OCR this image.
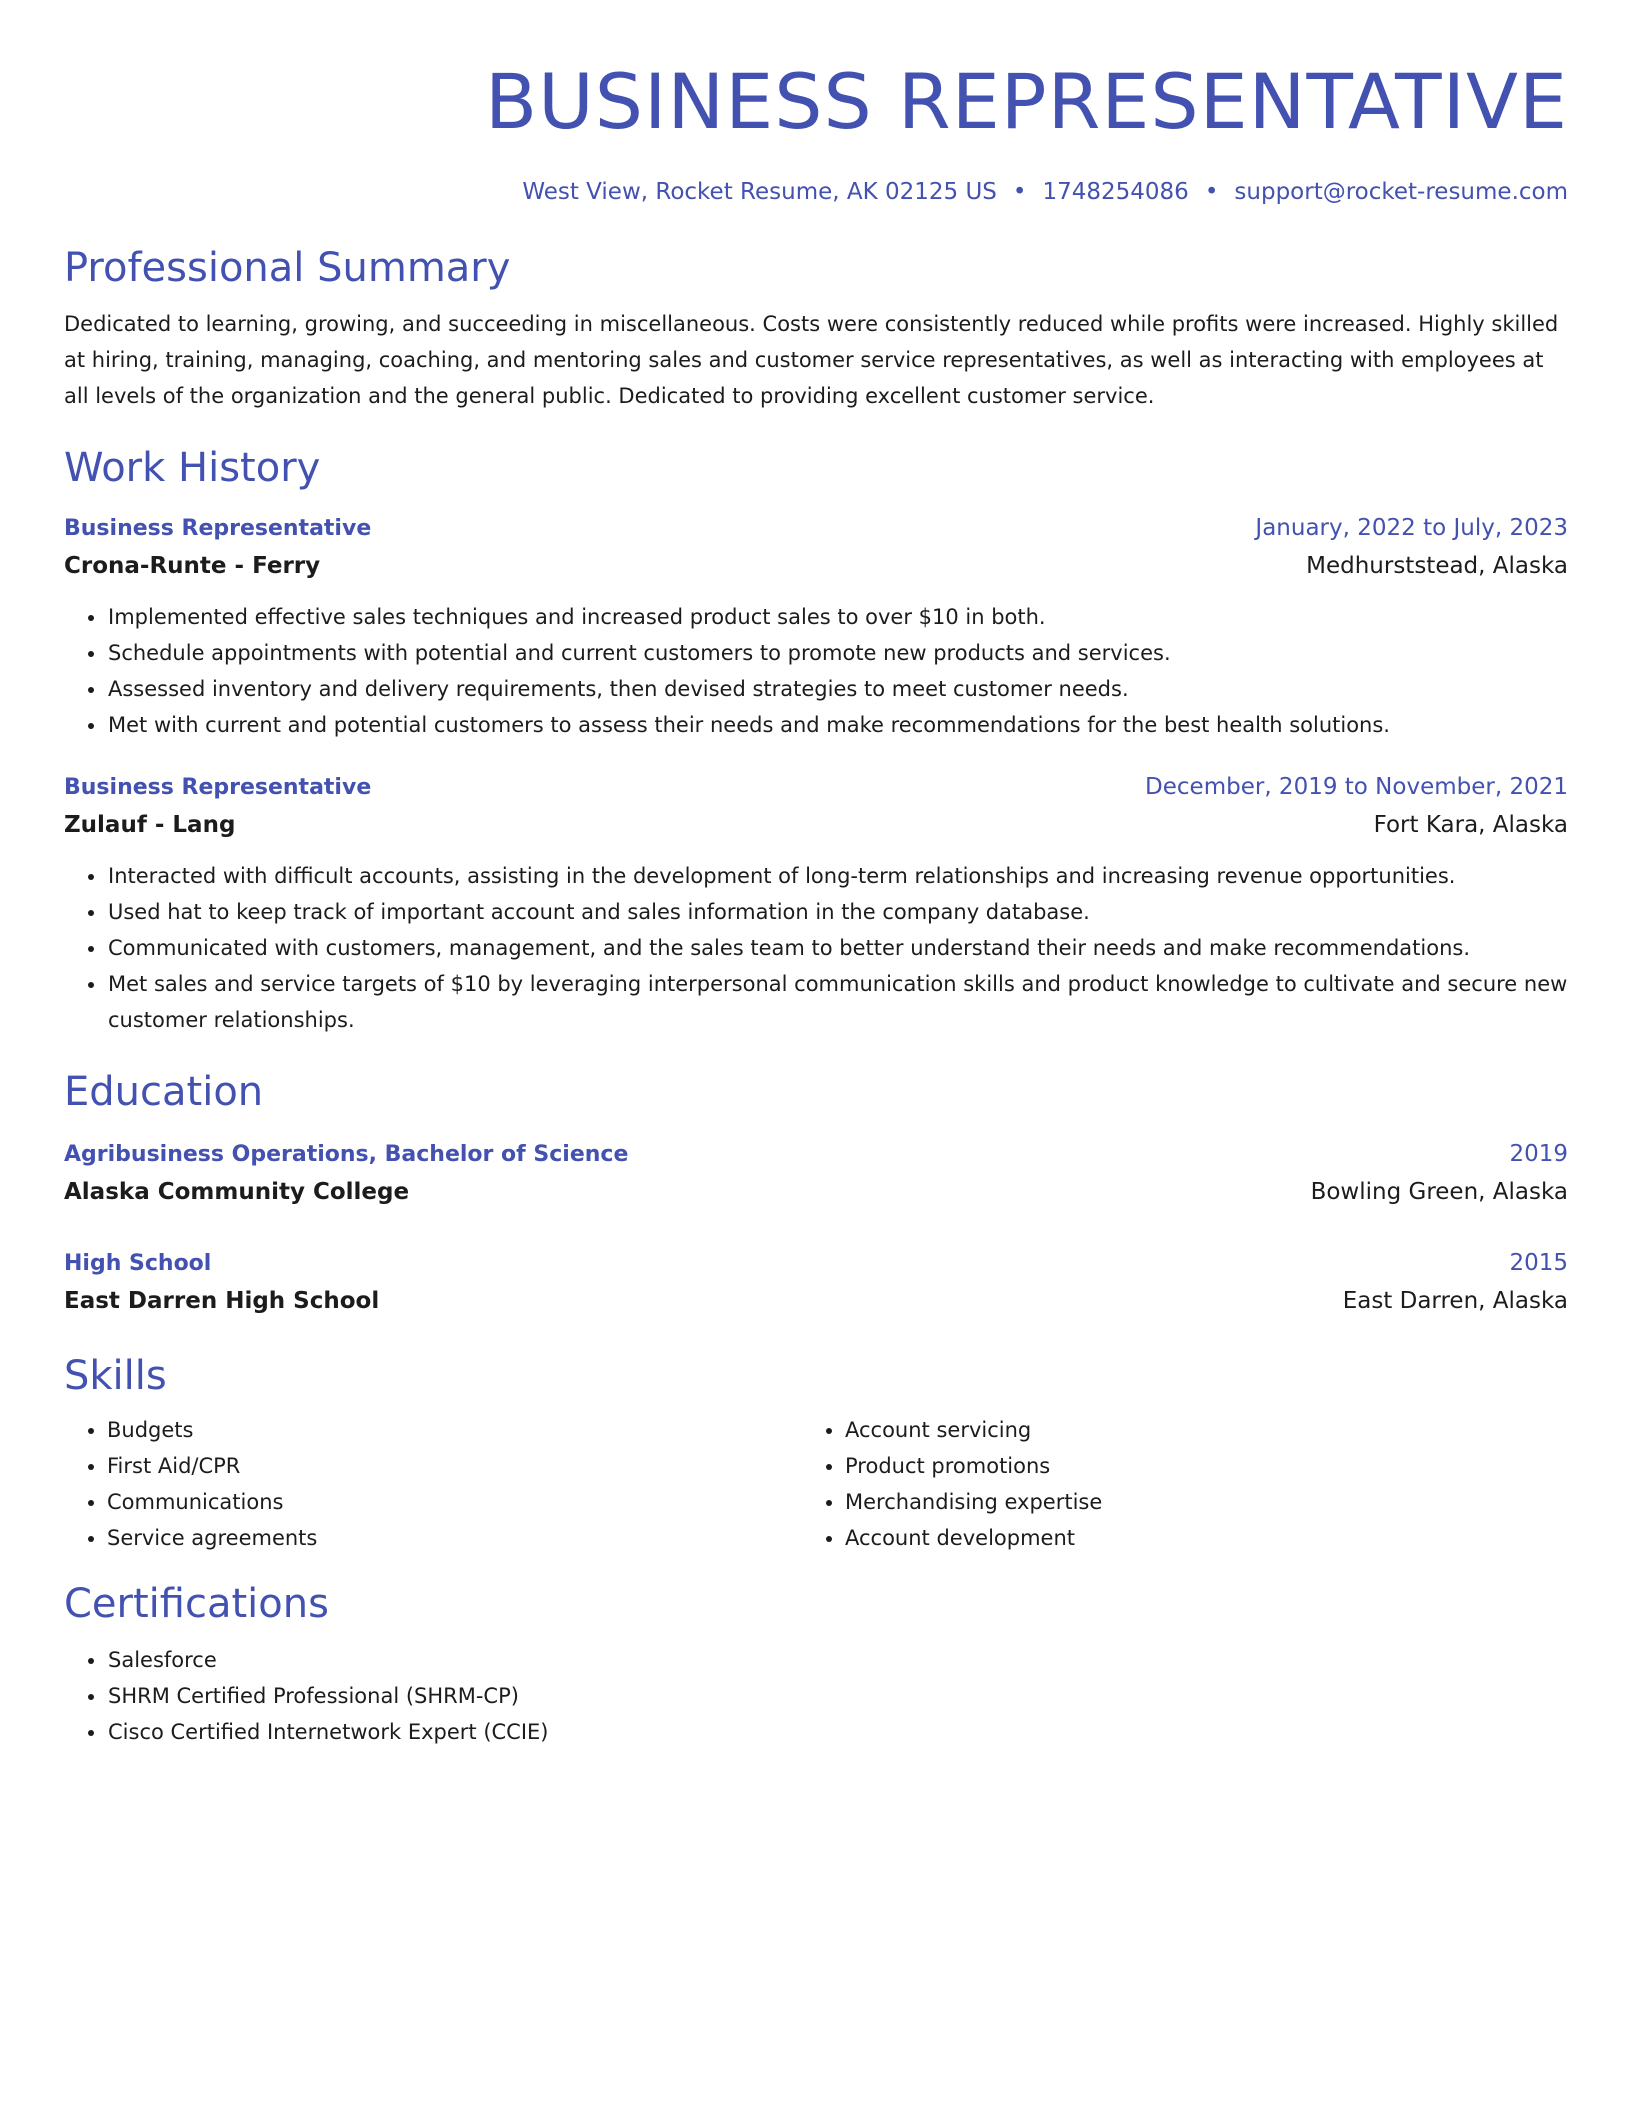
BUSINESS REPRESENTATIVE
West View, Rocket Resume, AK 02125 US • 1748254086 • support@rocket-resume.com
Professional Summary
Dedicated to learning, growing, and succeeding in miscellaneous. Costs were consistently reduced while profits were increased. Highly skilled at hiring, training, managing, coaching, and mentoring sales and customer service representatives, as well as interacting with employees at all levels of the organization and the general public. Dedicated to providing excellent customer service.
Work History
Business Representative	January, 2022 to July, 2023
Crona-Runte - Ferry	Medhurststead, Alaska
• Implemented effective sales techniques and increased product sales to over $10 in both.
• Schedule appointments with potential and current customers to promote new products and services.
• Assessed inventory and delivery requirements, then devised strategies to meet customer needs.
• Met with current and potential customers to assess their needs and make recommendations for the best health solutions.
Business Representative	December, 2019 to November, 2021
Zulauf - Lang	Fort Kara, Alaska
• Interacted with difficult accounts, assisting in the development of long-term relationships and increasing revenue opportunities.
• Used hat to keep track of important account and sales information in the company database.
• Communicated with customers, management, and the sales team to better understand their needs and make recommendations.
• Met sales and service targets of $10 by leveraging interpersonal communication skills and product knowledge to cultivate and secure new customer relationships.
Education
Agribusiness Operations, Bachelor of Science	2019
Alaska Community College	Bowling Green, Alaska
High School	2015
East Darren High School	East Darren, Alaska
Skills
• Budgets
• First Aid/CPR
• Communications
• Service agreements
• Account servicing
• Product promotions
• Merchandising expertise
• Account development
Certifications
• Salesforce
• SHRM Certified Professional (SHRM-CP)
• Cisco Certified Internetwork Expert (CCIE)
